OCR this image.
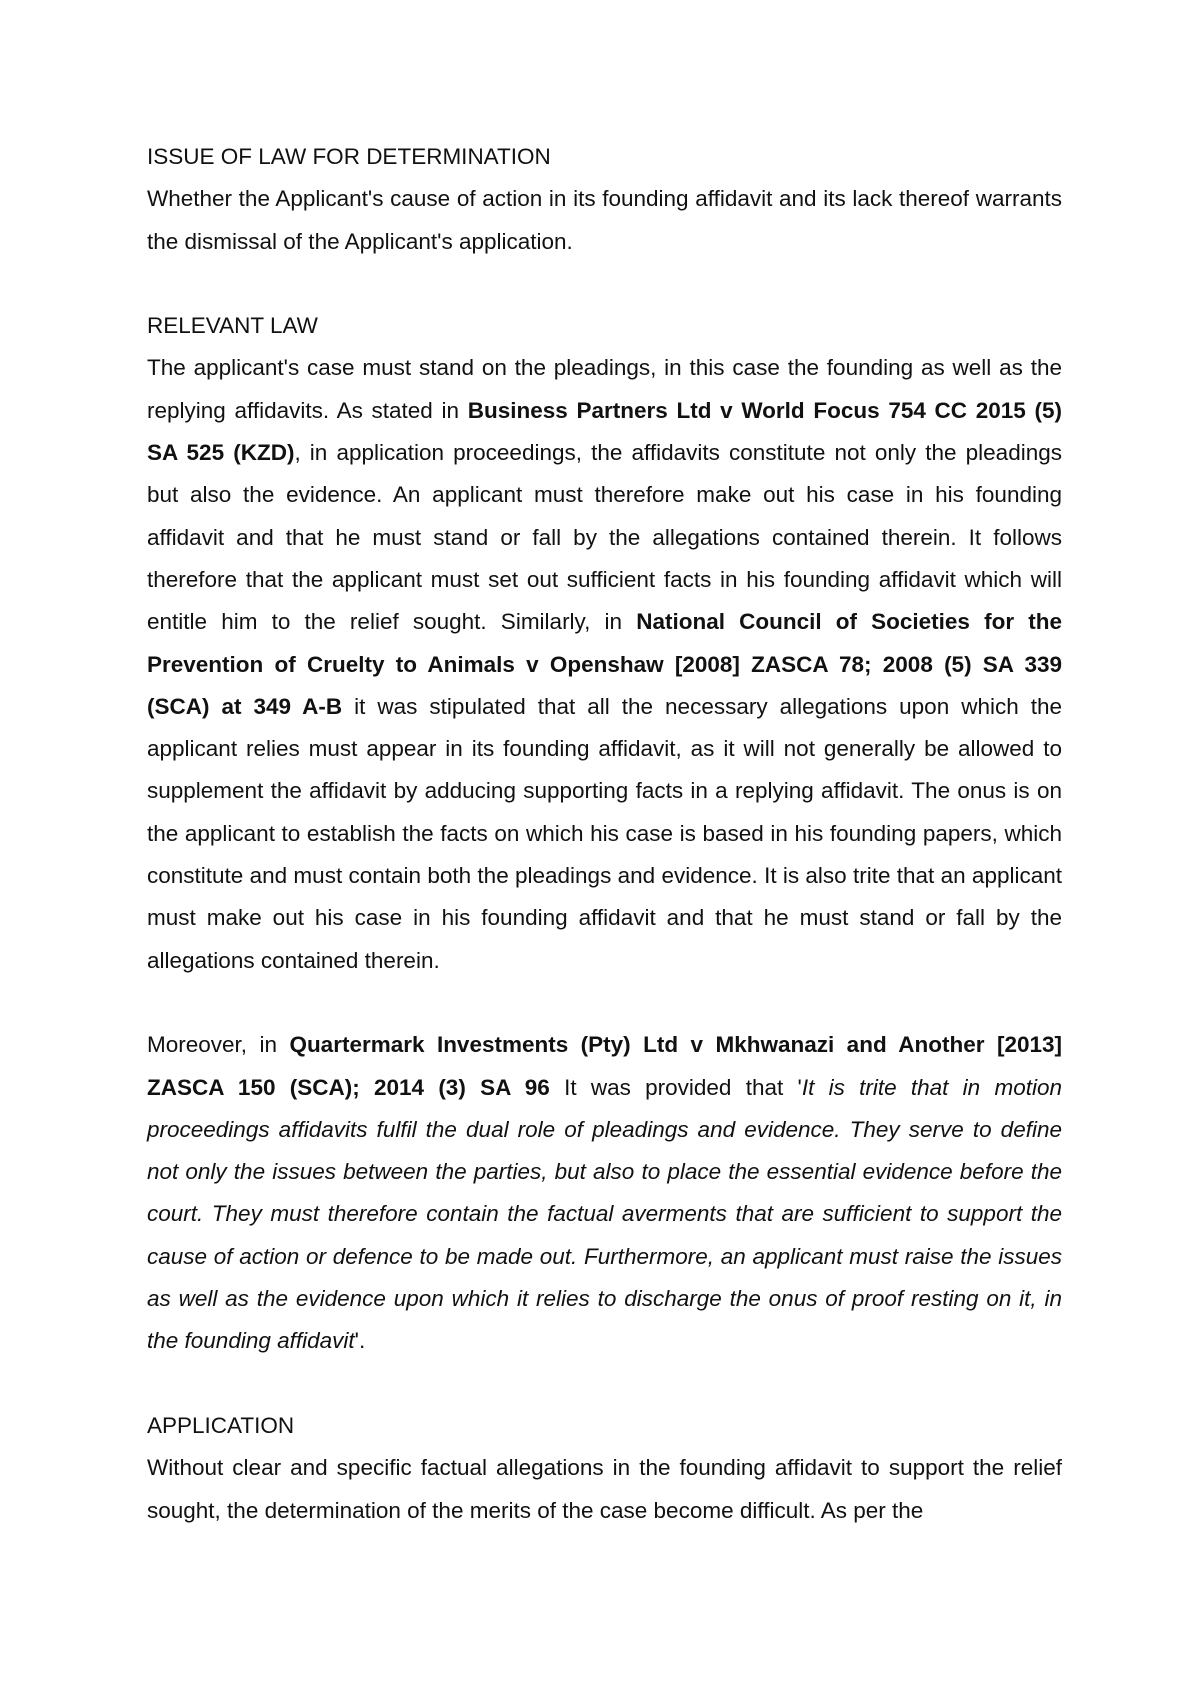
ISSUE OF LAW FOR DETERMINATION

Whether the Applicant's cause of action in its founding affidavit and its lack thereof warrants the dismissal of the Applicant's application.

RELEVANT LAW

The applicant's case must stand on the pleadings, in this case the founding as well as the replying affidavits. As stated in Business Partners Ltd v World Focus 754 CC 2015 (5) SA 525 (KZD), in application proceedings, the affidavits constitute not only the pleadings but also the evidence. An applicant must therefore make out his case in his founding affidavit and that he must stand or fall by the allegations contained therein. It follows therefore that the applicant must set out sufficient facts in his founding affidavit which will entitle him to the relief sought. Similarly, in National Council of Societies for the Prevention of Cruelty to Animals v Openshaw [2008] ZASCA 78; 2008 (5) SA 339 (SCA) at 349 A-B it was stipulated that all the necessary allegations upon which the applicant relies must appear in its founding affidavit, as it will not generally be allowed to supplement the affidavit by adducing supporting facts in a replying affidavit. The onus is on the applicant to establish the facts on which his case is based in his founding papers, which constitute and must contain both the pleadings and evidence. It is also trite that an applicant must make out his case in his founding affidavit and that he must stand or fall by the allegations contained therein.

Moreover, in Quartermark Investments (Pty) Ltd v Mkhwanazi and Another [2013] ZASCA 150 (SCA); 2014 (3) SA 96 It was provided that 'It is trite that in motion proceedings affidavits fulfil the dual role of pleadings and evidence. They serve to define not only the issues between the parties, but also to place the essential evidence before the court. They must therefore contain the factual averments that are sufficient to support the cause of action or defence to be made out. Furthermore, an applicant must raise the issues as well as the evidence upon which it relies to discharge the onus of proof resting on it, in the founding affidavit'.

APPLICATION

Without clear and specific factual allegations in the founding affidavit to support the relief sought, the determination of the merits of the case become difficult. As per the
